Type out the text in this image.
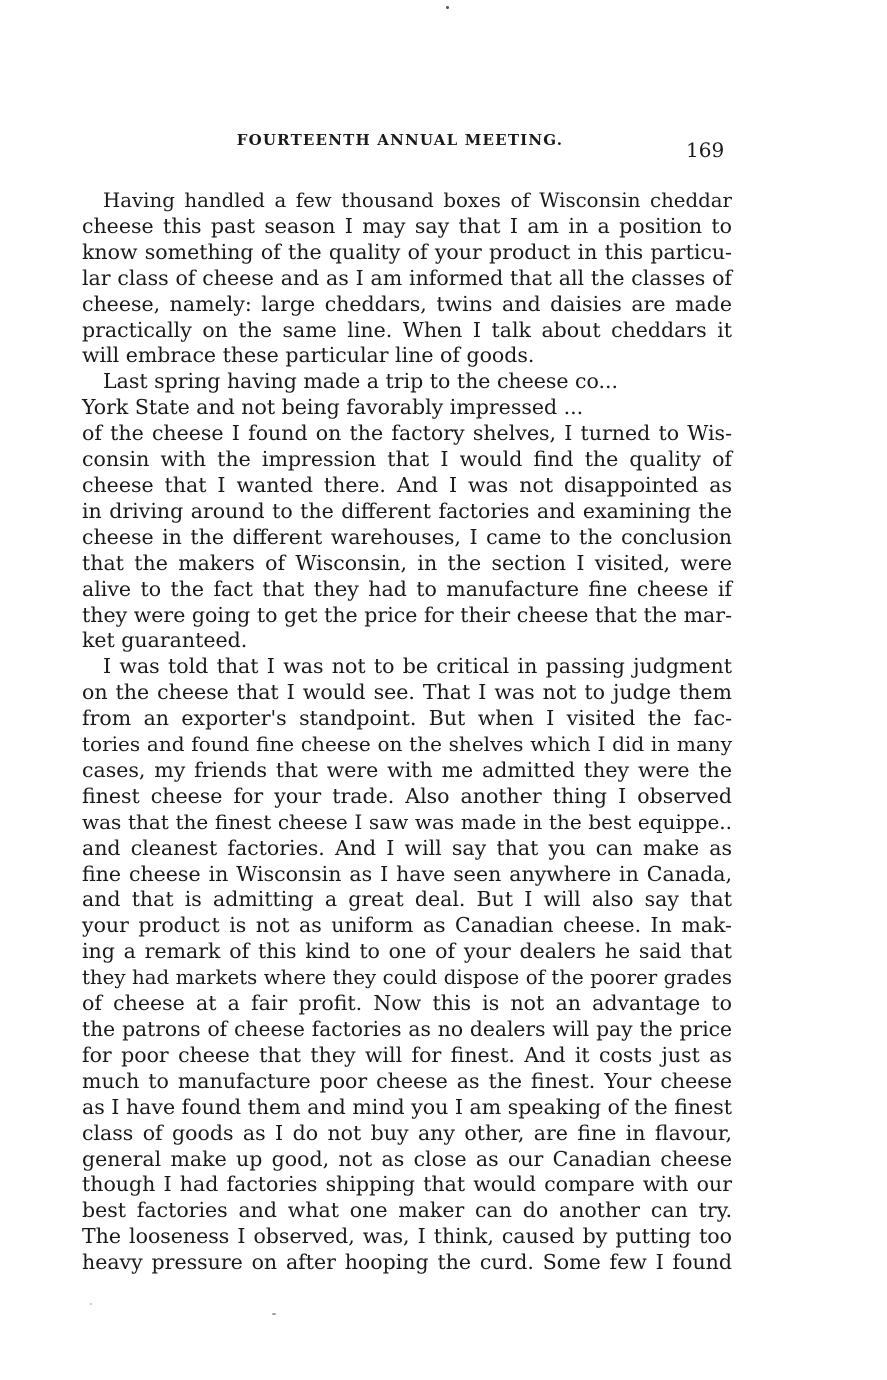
FOURTEENTH ANNUAL MEETING.	169
Having handled a few thousand boxes of Wisconsin cheddar
cheese this past season I may say that I am in a position to
know something of the quality of your product in this particu-
lar class of cheese and as I am informed that all the classes of
cheese, namely: large cheddars, twins and daisies are made
practically on the same line. When I talk about cheddars it
will embrace these particular line of goods.
Last spring having made a trip to the cheese co...
York State and not being favorably impressed ...
of the cheese I found on the factory shelves, I turned to Wis-
consin with the impression that I would find the quality of
cheese that I wanted there. And I was not disappointed as
in driving around to the different factories and examining the
cheese in the different warehouses, I came to the conclusion
that the makers of Wisconsin, in the section I visited, were
alive to the fact that they had to manufacture fine cheese if
they were going to get the price for their cheese that the mar-
ket guaranteed.
I was told that I was not to be critical in passing judgment
on the cheese that I would see. That I was not to judge them
from an exporter's standpoint. But when I visited the fac-
tories and found fine cheese on the shelves which I did in many
cases, my friends that were with me admitted they were the
finest cheese for your trade. Also another thing I observed
was that the finest cheese I saw was made in the best equippe..
and cleanest factories. And I will say that you can make as
fine cheese in Wisconsin as I have seen anywhere in Canada,
and that is admitting a great deal. But I will also say that
your product is not as uniform as Canadian cheese. In mak-
ing a remark of this kind to one of your dealers he said that
they had markets where they could dispose of the poorer grades
of cheese at a fair profit. Now this is not an advantage to
the patrons of cheese factories as no dealers will pay the price
for poor cheese that they will for finest. And it costs just as
much to manufacture poor cheese as the finest. Your cheese
as I have found them and mind you I am speaking of the finest
class of goods as I do not buy any other, are fine in flavour,
general make up good, not as close as our Canadian cheese
though I had factories shipping that would compare with our
best factories and what one maker can do another can try.
The looseness I observed, was, I think, caused by putting too
heavy pressure on after hooping the curd. Some few I found
